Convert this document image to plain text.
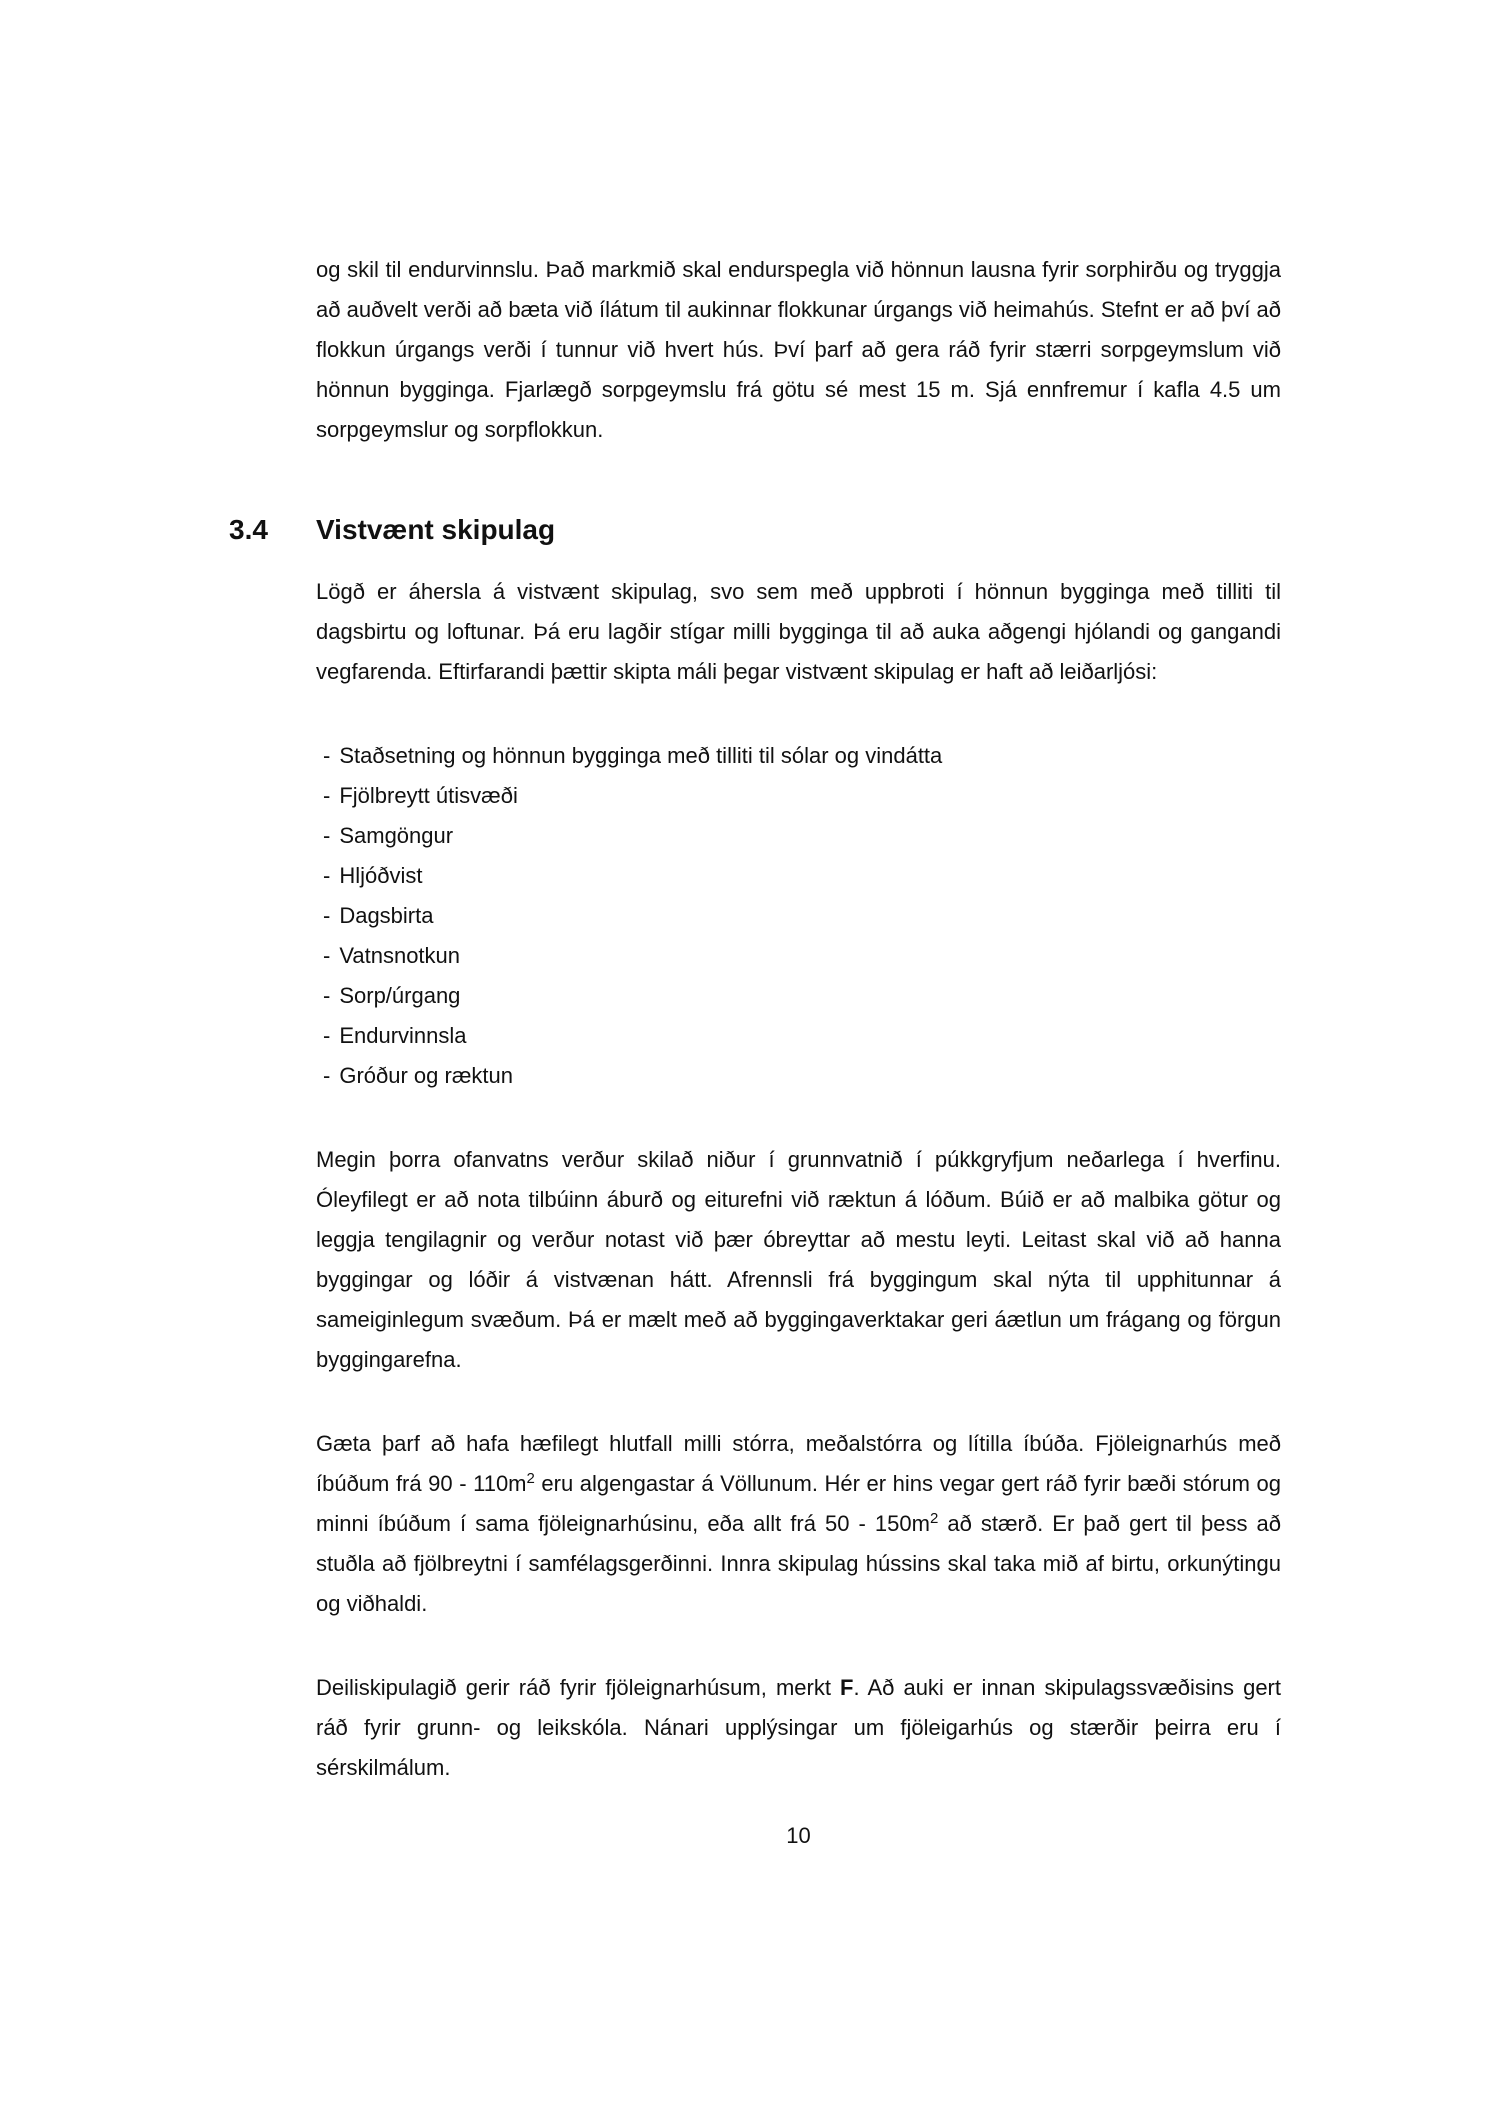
og skil til endurvinnslu. Það markmið skal endurspegla við hönnun lausna fyrir sorphirðu og tryggja að auðvelt verði að bæta við ílátum til aukinnar flokkunar úrgangs við heimahús. Stefnt er að því að flokkun úrgangs verði í tunnur við hvert hús. Því þarf að gera ráð fyrir stærri sorpgeymslum við hönnun bygginga. Fjarlægð sorpgeymslu frá götu sé mest 15 m. Sjá ennfremur í kafla 4.5 um sorpgeymslur og sorpflokkun.

3.4	Vistvænt skipulag

Lögð er áhersla á vistvænt skipulag, svo sem með uppbroti í hönnun bygginga með tilliti til dagsbirtu og loftunar. Þá eru lagðir stígar milli bygginga til að auka aðgengi hjólandi og gangandi vegfarenda. Eftirfarandi þættir skipta máli þegar vistvænt skipulag er haft að leiðarljósi:

- Staðsetning og hönnun bygginga með tilliti til sólar og vindátta
- Fjölbreytt útisvæði
- Samgöngur
- Hljóðvist
- Dagsbirta
- Vatnsnotkun
- Sorp/úrgang
- Endurvinnsla
- Gróður og ræktun

Megin þorra ofanvatns verður skilað niður í grunnvatnið í púkkgryfjum neðarlega í hverfinu. Óleyfilegt er að nota tilbúinn áburð og eiturefni við ræktun á lóðum. Búið er að malbika götur og leggja tengilagnir og verður notast við þær óbreyttar að mestu leyti. Leitast skal við að hanna byggingar og lóðir á vistvænan hátt. Afrennsli frá byggingum skal nýta til upphitunnar á sameiginlegum svæðum. Þá er mælt með að byggingaverktakar geri áætlun um frágang og förgun byggingarefna.

Gæta þarf að hafa hæfilegt hlutfall milli stórra, meðalstórra og lítilla íbúða. Fjöleignarhús með íbúðum frá $90 - 110m^2$ eru algengastar á Völlunum. Hér er hins vegar gert ráð fyrir bæði stórum og minni íbúðum í sama fjöleignarhúsinu, eða allt frá $50 - 150m^2$ að stærð. Er það gert til þess að stuðla að fjölbreytni í samfélagsgerðinni. Innra skipulag hússins skal taka mið af birtu, orkunýtingu og viðhaldi.

Deiliskipulagið gerir ráð fyrir fjöleignarhúsum, merkt F. Að auki er innan skipulagssvæðisins gert ráð fyrir grunn- og leikskóla. Nánari upplýsingar um fjöleigarhús og stærðir þeirra eru í sérskilmálum.

10
